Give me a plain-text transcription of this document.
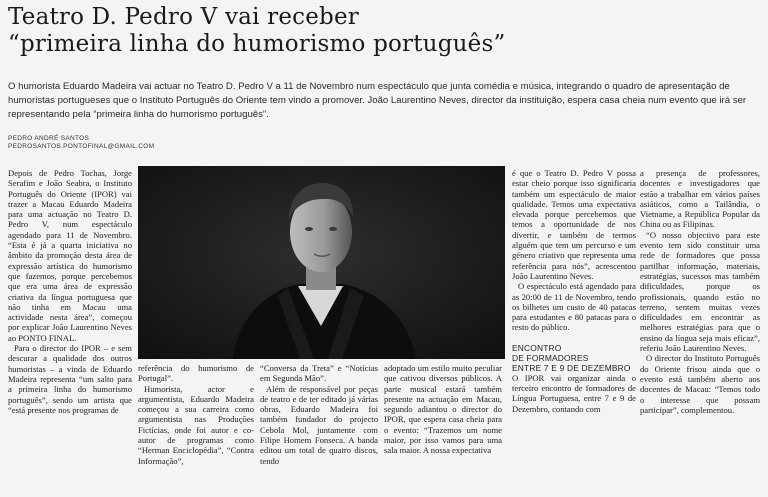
Teatro D. Pedro V vai receber
“primeira linha do humorismo português”
O humorista Eduardo Madeira vai actuar no Teatro D. Pedro V a 11 de Novembro num espectáculo que junta comédia e música, integrando o quadro de apresentação de humoristas portugueses que o Instituto Português do Oriente tem vindo a promover. João Laurentino Neves, director da instituição, espera casa cheia num evento que irá ser representando pela “primeira linha do humorismo português”.
PEDRO ANDRÉ SANTOS
PEDROSANTOS.PONTOFINAL@GMAIL.COM

Depois de Pedro Tochas, Jorge Serafim e João Seabra, o Instituto Português do Oriente (IPOR) vai trazer a Macau Eduardo Madeira para uma actuação no Teatro D. Pedro V, num espectáculo agendado para 11 de Novembro. “Esta é já a quarta iniciativa no âmbito da promoção desta área de expressão artística do humorismo que fazemos, porque percebemos que era uma área de expressão criativa da língua portuguesa que não tinha em Macau uma actividade nesta área”, começou por explicar João Laurentino Neves ao PONTO FINAL.

Para o director do IPOR – e sem descurar a qualidade dos outros humoristas – a vinda de Eduardo Madeira representa “um salto para a primeira linha do humorismo português”, sendo um artista que “está presente nos programas de

referência do humorismo de Portugal”.

Humorista, actor e argumentista, Eduardo Madeira começou a sua carreira como argumentista nas Produções Fictícias, onde foi autor e co-autor de programas como “Herman Enciclopédia”, “Contra Informação”,

“Conversa da Treta” e “Notícias em Segunda Mão”.

Além de responsável por peças de teatro e de ter editado já várias obras, Eduardo Madeira foi também fundador do projecto Cebola Mol, juntamente com Filipe Homem Fonseca. A banda editou um total de quatro discos, tendo

adoptado um estilo muito peculiar que cativou diversos públicos. A parte musical estará também presente na actuação em Macau, segundo adiantou o director do IPOR, que espera casa cheia para o evento: “Trazemos um nome maior, por isso vamos para uma sala maior. A nossa expectativa

é que o Teatro D. Pedro V possa estar cheio porque isso significaria também um espectáculo de maior qualidade. Temos uma expectativa elevada porque percebemos que temos a oportunidade de nos divertir, e também de termos alguém que tem um percurso e um género criativo que representa uma referência para nós”, acrescentou João Laurentino Neves.

O espectáculo está agendado para as 20:00 de 11 de Novembro, tendo os bilhetes um custo de 40 patacas para estudantes e 80 patacas para o resto do público.

ENCONTRO
DE FORMADORES
ENTRE 7 E 9 DE DEZEMBRO

O IPOR vai organizar ainda o terceiro encontro de formadores de Língua Portuguesa, entre 7 e 9 de Dezembro, contando com

a presença de professores, docentes e investigadores que estão a trabalhar em vários países asiáticos, como a Tailândia, o Vietname, a República Popular da China ou as Filipinas.

“O nosso objectivo para este evento tem sido constituir uma rede de formadores que possa partilhar informação, materiais, estratégias, sucessos mas também dificuldades, porque os profissionais, quando estão no terreno, sentem muitas vezes dificuldades em encontrar as melhores estratégias para que o ensino da língua seja mais eficaz”, referiu João Laurentino Neves.

O director do Instituto Português do Oriente frisou ainda que o evento está também aberto aos docentes de Macau: “Temos todo o interesse que possam participar”, complementou.
